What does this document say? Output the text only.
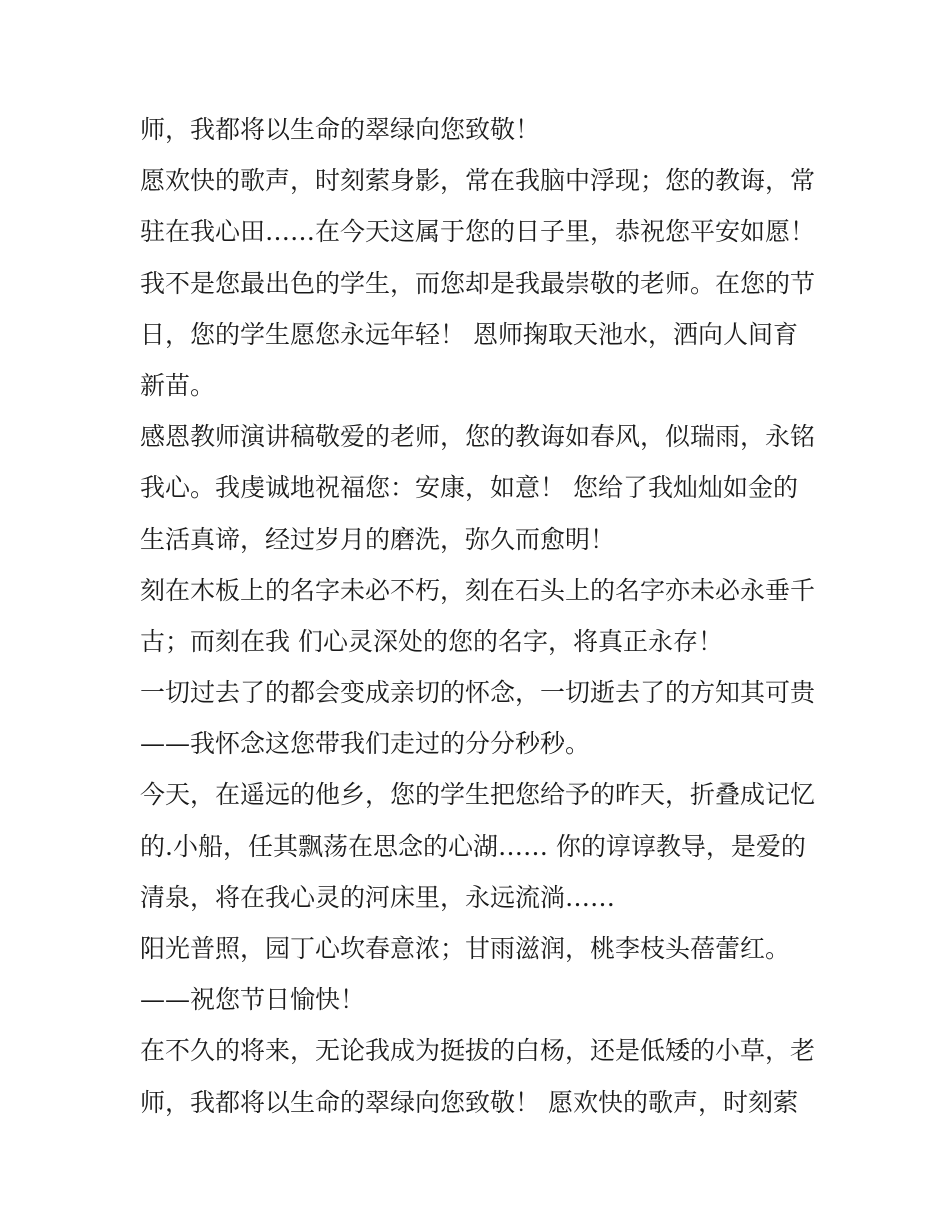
师，我都将以生命的翠绿向您致敬！
愿欢快的歌声，时刻萦身影，常在我脑中浮现；您的教诲，常
驻在我心田……在今天这属于您的日子里，恭祝您平安如愿！
我不是您最出色的学生，而您却是我最崇敬的老师。在您的节
日，您的学生愿您永远年轻！ 恩师掬取天池水，洒向人间育
新苗。
感恩教师演讲稿敬爱的老师，您的教诲如春风，似瑞雨，永铭
我心。我虔诚地祝福您：安康，如意！ 您给了我灿灿如金的
生活真谛，经过岁月的磨洗，弥久而愈明！
刻在木板上的名字未必不朽，刻在石头上的名字亦未必永垂千
古；而刻在我 们心灵深处的您的名字，将真正永存！
一切过去了的都会变成亲切的怀念，一切逝去了的方知其可贵
——我怀念这您带我们走过的分分秒秒。
今天，在遥远的他乡，您的学生把您给予的昨天，折叠成记忆
的.小船，任其飘荡在思念的心湖…… 你的谆谆教导，是爱的
清泉，将在我心灵的河床里，永远流淌……
阳光普照，园丁心坎春意浓；甘雨滋润，桃李枝头蓓蕾红。
——祝您节日愉快！
在不久的将来，无论我成为挺拔的白杨，还是低矮的小草，老
师，我都将以生命的翠绿向您致敬！ 愿欢快的歌声，时刻萦
